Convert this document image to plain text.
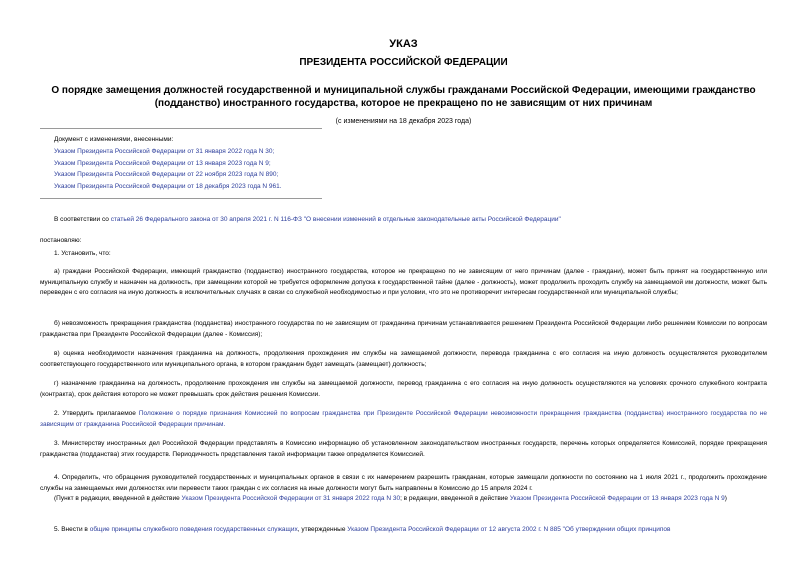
УКАЗ
ПРЕЗИДЕНТА РОССИЙСКОЙ ФЕДЕРАЦИИ
О порядке замещения должностей государственной и муниципальной службы гражданами Российской Федерации, имеющими гражданство (подданство) иностранного государства, которое не прекращено по не зависящим от них причинам
(с изменениями на 18 декабря 2023 года)
Документ с изменениями, внесенными:
Указом Президента Российской Федерации от 31 января 2022 года N 30;
Указом Президента Российской Федерации от 13 января 2023 года N 9;
Указом Президента Российской Федерации от 22 ноября 2023 года N 890;
Указом Президента Российской Федерации от 18 декабря 2023 года N 961.
В соответствии со статьей 26 Федерального закона от 30 апреля 2021 г. N 116-ФЗ "О внесении изменений в отдельные законодательные акты Российской Федерации"
постановляю:
1. Установить, что:
а) граждани Российской Федерации, имеющий гражданство (подданство) иностранного государства, которое не прекращено по не зависящим от него причинам (далее - граждани), может быть принят на государственную или муниципальную службу и назначен на должность, при замещении которой не требуется оформление допуска к государственной тайне (далее - должность), может продолжить проходить службу на замещаемой им должности, может быть переведен с его согласия на иную должность в исключительных случаях в связи со служебной необходимостью и при условии, что это не противоречит интересам государственной или муниципальной службы;
б) невозможность прекращения гражданства (подданства) иностранного государства по не зависящим от гражданина причинам устанавливается решением Президента Российской Федерации либо решением Комиссии по вопросам гражданства при Президенте Российской Федерации (далее - Комиссия);
в) оценка необходимости назначения гражданина на должность, продолжения прохождения им службы на замещаемой должности, перевода гражданина с его согласия на иную должность осуществляется руководителем соответствующего государственного или муниципального органа, в котором гражданин будет замещать (замещает) должность;
г) назначение гражданина на должность, продолжение прохождения им службы на замещаемой должности, перевод гражданина с его согласия на иную должность осуществляются на условиях срочного служебного контракта (контракта), срок действия которого не может превышать срок действия решения Комиссии.
2. Утвердить прилагаемое Положение о порядке признания Комиссией по вопросам гражданства при Президенте Российской Федерации невозможности прекращения гражданства (подданства) иностранного государства по не зависящим от гражданина Российской Федерации причинам.
3. Министерству иностранных дел Российской Федерации представлять в Комиссию информацию об установленном законодательством иностранных государств, перечень которых определяется Комиссией, порядке прекращения гражданства (подданства) этих государств. Периодичность представления такой информации также определяется Комиссией.
4. Определить, что обращения руководителей государственных и муниципальных органов в связи с их намерением разрешить гражданам, которые замещали должности по состоянию на 1 июля 2021 г., продолжить прохождение службы на замещаемых ими должностях или перевести таких граждан с их согласия на иные должности могут быть направлены в Комиссию до 15 апреля 2024 г.
(Пункт в редакции, введенной в действие Указом Президента Российской Федерации от 31 января 2022 года N 30; в редакции, введенной в действие Указом Президента Российской Федерации от 13 января 2023 года N 9)
5. Внести в общие принципы служебного поведения государственных служащих, утвержденные Указом Президента Российской Федерации от 12 августа 2002 г. N 885 "Об утверждении общих принципов
